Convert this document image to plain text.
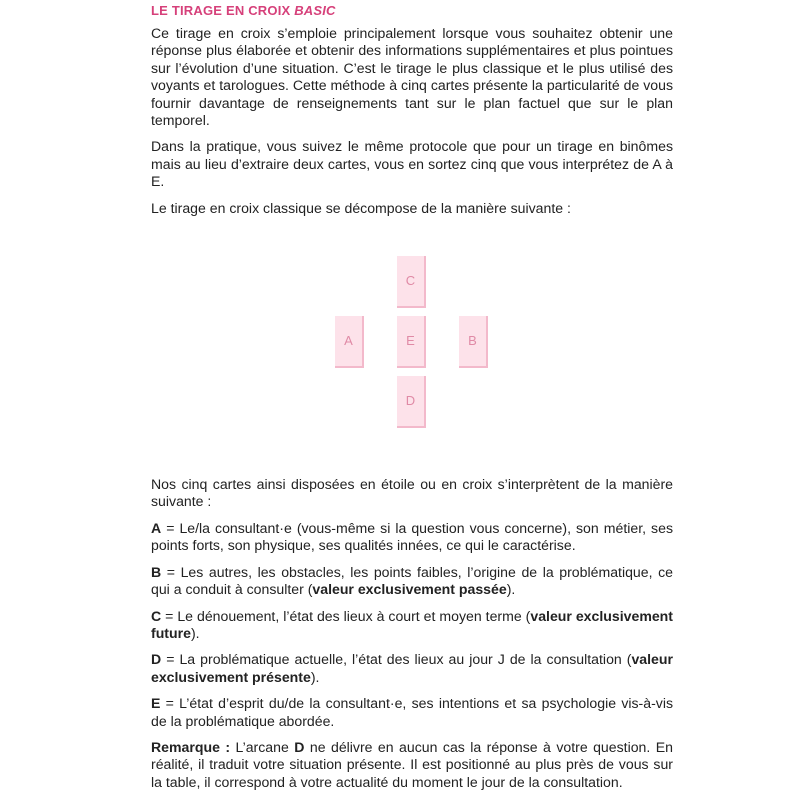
LE TIRAGE EN CROIX BASIC

Ce tirage en croix s’emploie principalement lorsque vous souhaitez obtenir une réponse plus élaborée et obtenir des informations supplémentaires et plus pointues sur l’évolution d’une situation. C’est le tirage le plus classique et le plus utilisé des voyants et tarologues. Cette méthode à cinq cartes présente la particularité de vous fournir davantage de renseignements tant sur le plan factuel que sur le plan temporel.

Dans la pratique, vous suivez le même protocole que pour un tirage en binômes mais au lieu d’extraire deux cartes, vous en sortez cinq que vous interprétez de A à E.

Le tirage en croix classique se décompose de la manière suivante :

Nos cinq cartes ainsi disposées en étoile ou en croix s’interprètent de la manière suivante :

A = Le/la consultant·e (vous-même si la question vous concerne), son métier, ses points forts, son physique, ses qualités innées, ce qui le caractérise.

B = Les autres, les obstacles, les points faibles, l’origine de la problématique, ce qui a conduit à consulter (valeur exclusivement passée).

C = Le dénouement, l’état des lieux à court et moyen terme (valeur exclusivement future).

D = La problématique actuelle, l’état des lieux au jour J de la consultation (valeur exclusivement présente).

E = L’état d’esprit du/de la consultant·e, ses intentions et sa psychologie vis-à-vis de la problématique abordée.

Remarque : L’arcane D ne délivre en aucun cas la réponse à votre question. En réalité, il traduit votre situation présente. Il est positionné au plus près de vous sur la table, il correspond à votre actualité du moment le jour de la consultation.

C
A	E	B
D
